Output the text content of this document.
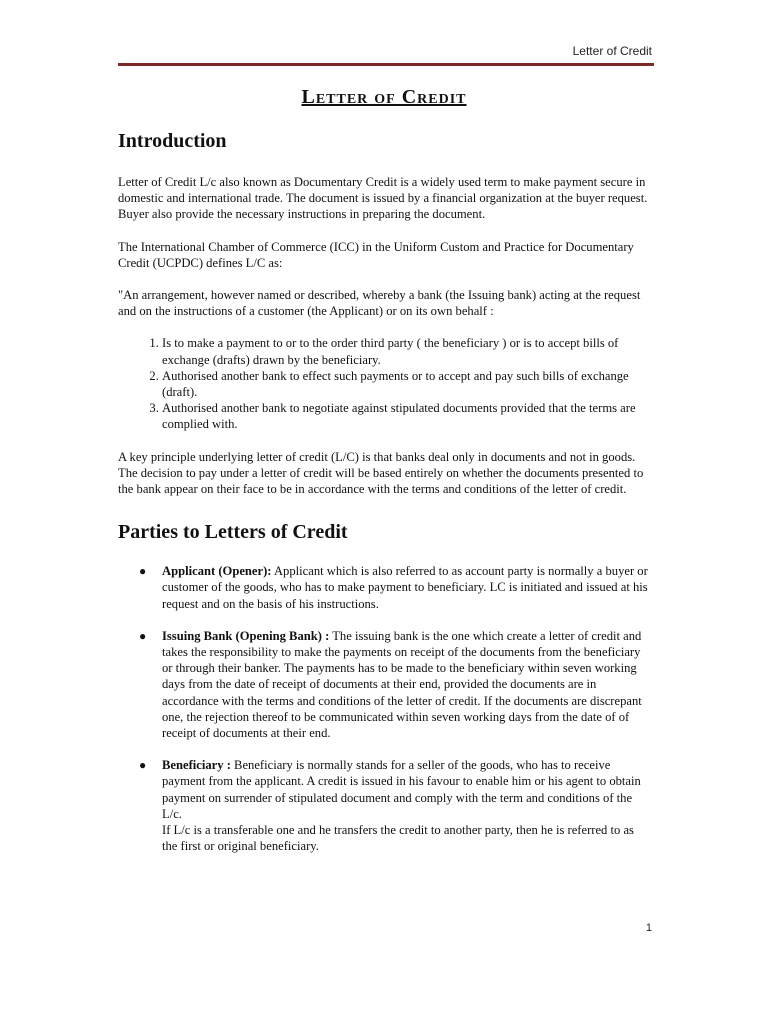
Letter of Credit
Letter of Credit
Introduction

Letter of Credit L/c also known as Documentary Credit is a widely used term to make payment secure in domestic and international trade. The document is issued by a financial organization at the buyer request. Buyer also provide the necessary instructions in preparing the document.

The International Chamber of Commerce (ICC) in the Uniform Custom and Practice for Documentary Credit (UCPDC) defines L/C as:

"An arrangement, however named or described, whereby a bank (the Issuing bank) acting at the request and on the instructions of a customer (the Applicant) or on its own behalf :

1. Is to make a payment to or to the order third party ( the beneficiary ) or is to accept bills of exchange (drafts) drawn by the beneficiary.
2. Authorised another bank to effect such payments or to accept and pay such bills of exchange (draft).
3. Authorised another bank to negotiate against stipulated documents provided that the terms are complied with.

A key principle underlying letter of credit (L/C) is that banks deal only in documents and not in goods. The decision to pay under a letter of credit will be based entirely on whether the documents presented to the bank appear on their face to be in accordance with the terms and conditions of the letter of credit.

Parties to Letters of Credit
● Applicant (Opener): Applicant which is also referred to as account party is normally a buyer or customer of the goods, who has to make payment to beneficiary. LC is initiated and issued at his request and on the basis of his instructions.
● Issuing Bank (Opening Bank) : The issuing bank is the one which create a letter of credit and takes the responsibility to make the payments on receipt of the documents from the beneficiary or through their banker. The payments has to be made to the beneficiary within seven working days from the date of receipt of documents at their end, provided the documents are in accordance with the terms and conditions of the letter of credit. If the documents are discrepant one, the rejection thereof to be communicated within seven working days from the date of of receipt of documents at their end.
● Beneficiary : Beneficiary is normally stands for a seller of the goods, who has to receive payment from the applicant. A credit is issued in his favour to enable him or his agent to obtain payment on surrender of stipulated document and comply with the term and conditions of the L/c.
If L/c is a transferable one and he transfers the credit to another party, then he is referred to as the first or original beneficiary.
1
